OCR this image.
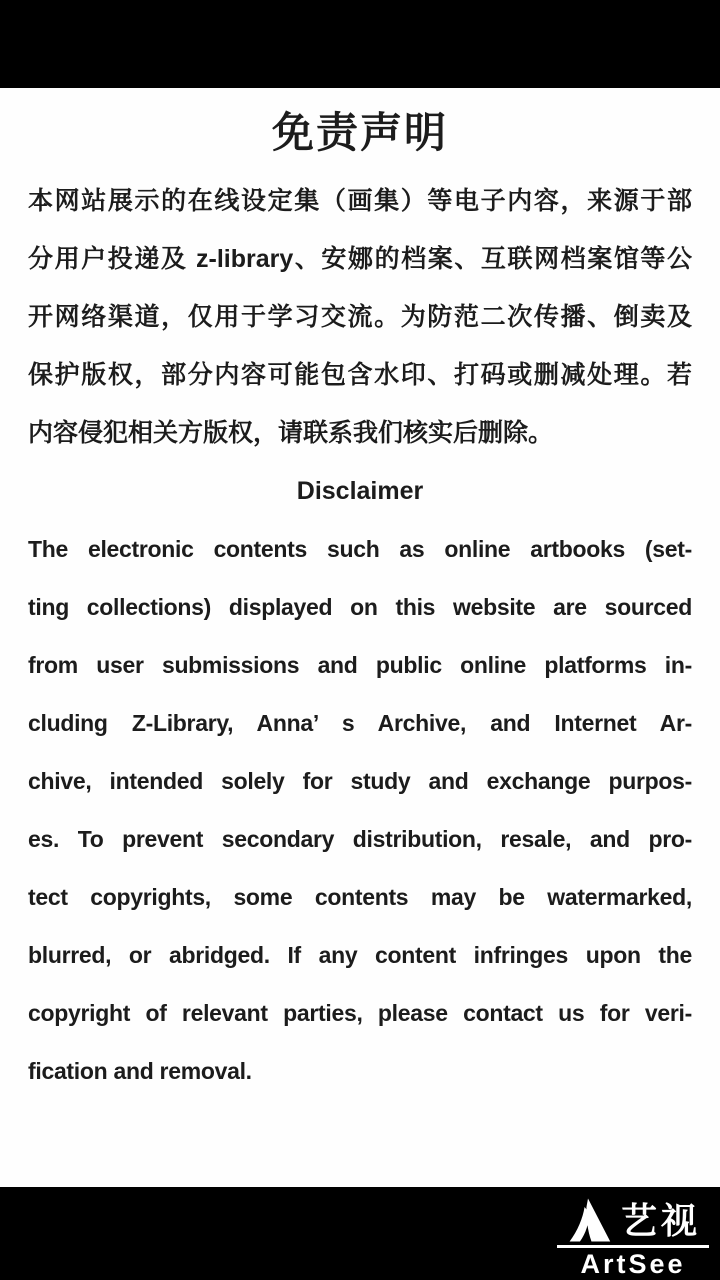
免责声明
本网站展示的在线设定集（画集）等电子内容，来源于部
分用户投递及 z-library、安娜的档案、互联网档案馆等公
开网络渠道，仅用于学习交流。为防范二次传播、倒卖及
保护版权，部分内容可能包含水印、打码或删减处理。若
内容侵犯相关方版权，请联系我们核实后删除。
Disclaimer
The electronic contents such as online artbooks (set-
ting collections) displayed on this website are sourced
from user submissions and public online platforms in-
cluding Z-Library, Anna’ s Archive, and Internet Ar-
chive, intended solely for study and exchange purpos-
es. To prevent secondary distribution, resale, and pro-
tect copyrights, some contents may be watermarked,
blurred, or abridged. If any content infringes upon the
copyright of relevant parties, please contact us for veri-
fication and removal.
艺视
ArtSee
